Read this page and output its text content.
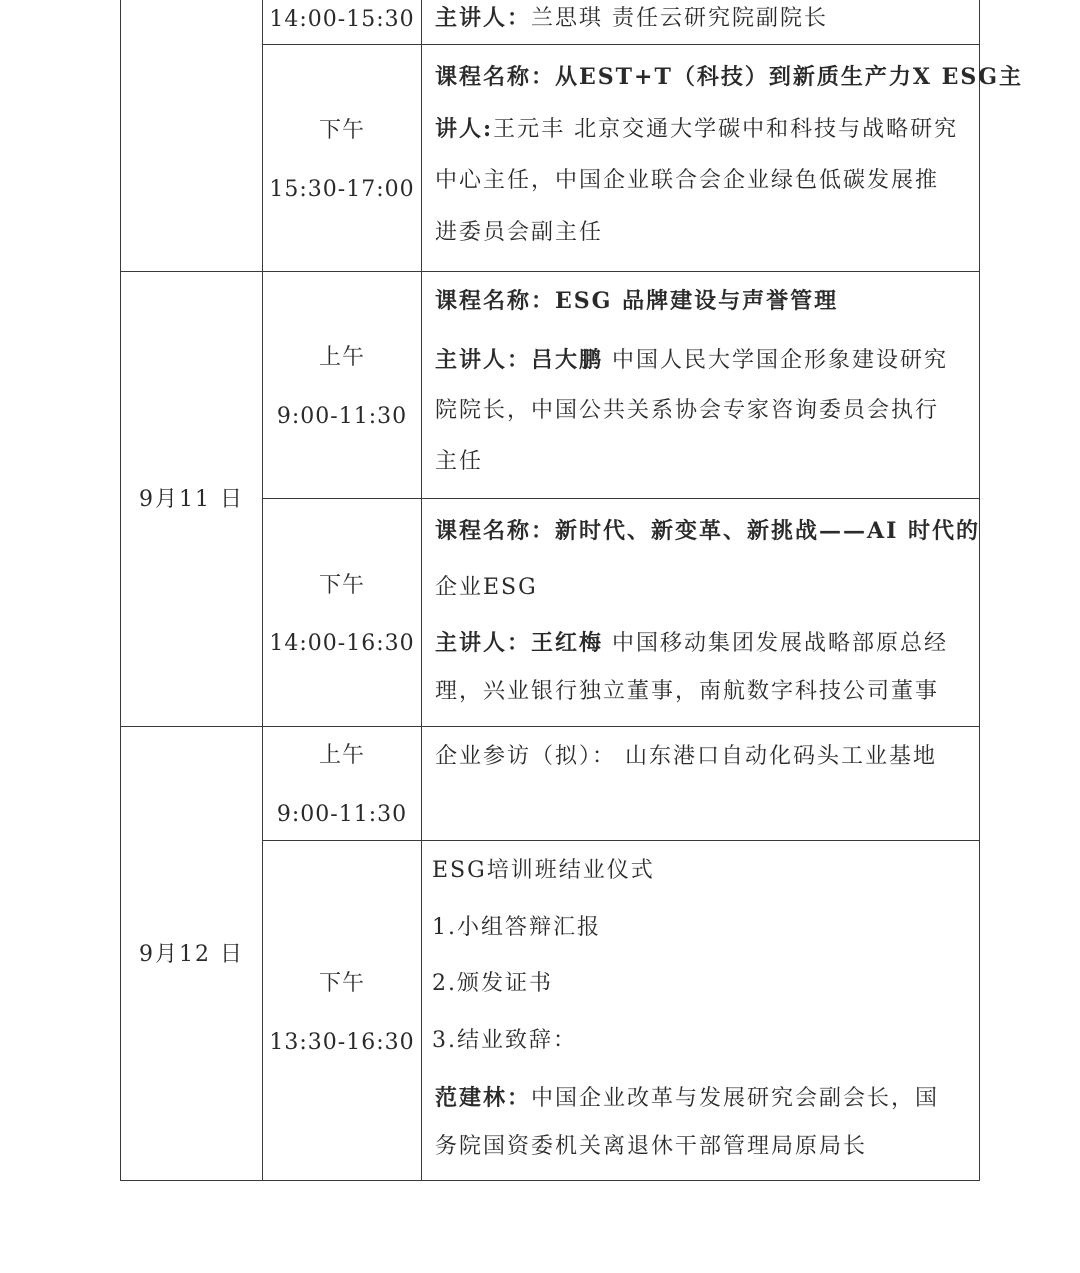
14:00-15:30 主讲人：兰思琪 责任云研究院副院长
下午
15:30-17:00
课程名称：从EST+T（科技）到新质生产力X ESG主
讲人:王元丰 北京交通大学碳中和科技与战略研究
中心主任，中国企业联合会企业绿色低碳发展推
进委员会副主任
9月11 日
上午
9:00-11:30
课程名称：ESG 品牌建设与声誉管理
主讲人：吕大鹏 中国人民大学国企形象建设研究
院院长，中国公共关系协会专家咨询委员会执行
主任
下午
14:00-16:30
课程名称：新时代、新变革、新挑战——AI 时代的
企业ESG
主讲人：王红梅 中国移动集团发展战略部原总经
理，兴业银行独立董事，南航数字科技公司董事
9月12 日
上午
9:00-11:30
企业参访（拟）： 山东港口自动化码头工业基地
下午
13:30-16:30
ESG培训班结业仪式
1.小组答辩汇报
2.颁发证书
3.结业致辞：
范建林：中国企业改革与发展研究会副会长，国
务院国资委机关离退休干部管理局原局长
